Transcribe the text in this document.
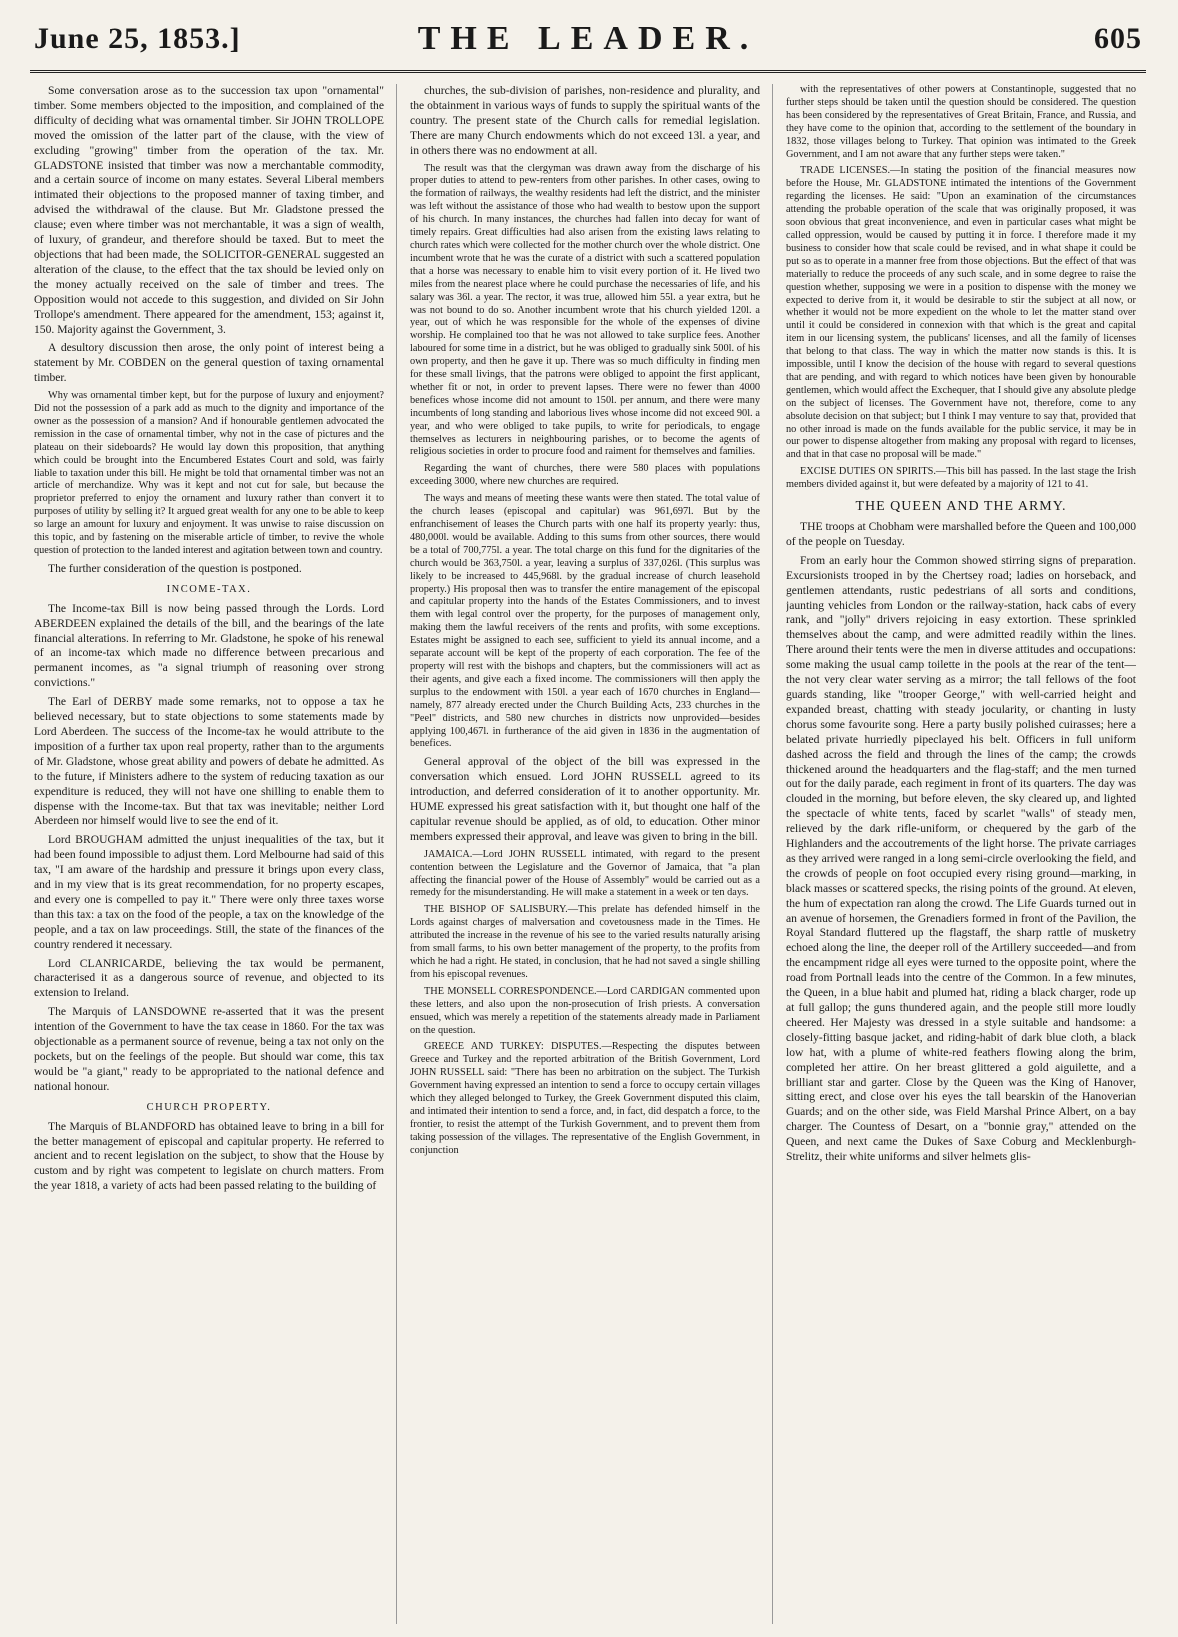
June 25, 1853.]	THE LEADER.	605

Some conversation arose as to the succession tax upon "ornamental" timber. Some members objected to the imposition, and complained of the difficulty of deciding what was ornamental timber. Sir JOHN TROLLOPE moved the omission of the latter part of the clause, with the view of excluding "growing" timber from the operation of the tax. Mr. GLADSTONE insisted that timber was now a merchantable commodity, and a certain source of income on many estates. Several Liberal members intimated their objections to the proposed manner of taxing timber, and advised the withdrawal of the clause. But Mr. Gladstone pressed the clause; even where timber was not merchantable, it was a sign of wealth, of luxury, of grandeur, and therefore should be taxed. But to meet the objections that had been made, the SOLICITOR-GENERAL suggested an alteration of the clause, to the effect that the tax should be levied only on the money actually received on the sale of timber and trees. The Opposition would not accede to this suggestion, and divided on Sir John Trollope's amendment. There appeared for the amendment, 153; against it, 150. Majority against the Government, 3.

A desultory discussion then arose, the only point of interest being a statement by Mr. COBDEN on the general question of taxing ornamental timber.

Why was ornamental timber kept, but for the purpose of luxury and enjoyment? Did not the possession of a park add as much to the dignity and importance of the owner as the possession of a mansion? And if honourable gentlemen advocated the remission in the case of ornamental timber, why not in the case of pictures and the plateau on their sideboards? He would lay down this proposition, that anything which could be brought into the Encumbered Estates Court and sold, was fairly liable to taxation under this bill. He might be told that ornamental timber was not an article of merchandize. Why was it kept and not cut for sale, but because the proprietor preferred to enjoy the ornament and luxury rather than convert it to purposes of utility by selling it? It argued great wealth for any one to be able to keep so large an amount for luxury and enjoyment. It was unwise to raise discussion on this topic, and by fastening on the miserable article of timber, to revive the whole question of protection to the landed interest and agitation between town and country.

The further consideration of the question is postponed.

INCOME-TAX.

The Income-tax Bill is now being passed through the Lords. Lord ABERDEEN explained the details of the bill, and the bearings of the late financial alterations. In referring to Mr. Gladstone, he spoke of his renewal of an income-tax which made no difference between precarious and permanent incomes, as "a signal triumph of reasoning over strong convictions."

The Earl of DERBY made some remarks, not to oppose a tax he believed necessary, but to state objections to some statements made by Lord Aberdeen. The success of the Income-tax he would attribute to the imposition of a further tax upon real property, rather than to the arguments of Mr. Gladstone, whose great ability and powers of debate he admitted. As to the future, if Ministers adhere to the system of reducing taxation as our expenditure is reduced, they will not have one shilling to enable them to dispense with the Income-tax. But that tax was inevitable; neither Lord Aberdeen nor himself would live to see the end of it.

Lord BROUGHAM admitted the unjust inequalities of the tax, but it had been found impossible to adjust them. Lord Melbourne had said of this tax, "I am aware of the hardship and pressure it brings upon every class, and in my view that is its great recommendation, for no property escapes, and every one is compelled to pay it." There were only three taxes worse than this tax: a tax on the food of the people, a tax on the knowledge of the people, and a tax on law proceedings. Still, the state of the finances of the country rendered it necessary.

Lord CLANRICARDE, believing the tax would be permanent, characterised it as a dangerous source of revenue, and objected to its extension to Ireland.

The Marquis of LANSDOWNE re-asserted that it was the present intention of the Government to have the tax cease in 1860. For the tax was objectionable as a permanent source of revenue, being a tax not only on the pockets, but on the feelings of the people. But should war come, this tax would be "a giant," ready to be appropriated to the national defence and national honour.

CHURCH PROPERTY.

The Marquis of BLANDFORD has obtained leave to bring in a bill for the better management of episcopal and capitular property. He referred to ancient and to recent legislation on the subject, to show that the House by custom and by right was competent to legislate on church matters. From the year 1818, a variety of acts had been passed relating to the building of

churches, the sub-division of parishes, non-residence and plurality, and the obtainment in various ways of funds to supply the spiritual wants of the country. The present state of the Church calls for remedial legislation. There are many Church endowments which do not exceed 13l. a year, and in others there was no endowment at all.

The result was that the clergyman was drawn away from the discharge of his proper duties to attend to pew-renters from other parishes. In other cases, owing to the formation of railways, the wealthy residents had left the district, and the minister was left without the assistance of those who had wealth to bestow upon the support of his church. In many instances, the churches had fallen into decay for want of timely repairs. Great difficulties had also arisen from the existing laws relating to church rates which were collected for the mother church over the whole district. One incumbent wrote that he was the curate of a district with such a scattered population that a horse was necessary to enable him to visit every portion of it. He lived two miles from the nearest place where he could purchase the necessaries of life, and his salary was 36l. a year. The rector, it was true, allowed him 55l. a year extra, but he was not bound to do so. Another incumbent wrote that his church yielded 120l. a year, out of which he was responsible for the whole of the expenses of divine worship. He complained too that he was not allowed to take surplice fees. Another laboured for some time in a district, but he was obliged to gradually sink 500l. of his own property, and then he gave it up. There was so much difficulty in finding men for these small livings, that the patrons were obliged to appoint the first applicant, whether fit or not, in order to prevent lapses. There were no fewer than 4000 benefices whose income did not amount to 150l. per annum, and there were many incumbents of long standing and laborious lives whose income did not exceed 90l. a year, and who were obliged to take pupils, to write for periodicals, to engage themselves as lecturers in neighbouring parishes, or to become the agents of religious societies in order to procure food and raiment for themselves and families.

Regarding the want of churches, there were 580 places with populations exceeding 3000, where new churches are required.

The ways and means of meeting these wants were then stated. The total value of the church leases (episcopal and capitular) was 961,697l. But by the enfranchisement of leases the Church parts with one half its property yearly: thus, 480,000l. would be available. Adding to this sums from other sources, there would be a total of 700,775l. a year. The total charge on this fund for the dignitaries of the church would be 363,750l. a year, leaving a surplus of 337,026l. (This surplus was likely to be increased to 445,968l. by the gradual increase of church leasehold property.) His proposal then was to transfer the entire management of the episcopal and capitular property into the hands of the Estates Commissioners, and to invest them with legal control over the property, for the purposes of management only, making them the lawful receivers of the rents and profits, with some exceptions. Estates might be assigned to each see, sufficient to yield its annual income, and a separate account will be kept of the property of each corporation. The fee of the property will rest with the bishops and chapters, but the commissioners will act as their agents, and give each a fixed income. The commissioners will then apply the surplus to the endowment with 150l. a year each of 1670 churches in England—namely, 877 already erected under the Church Building Acts, 233 churches in the "Peel" districts, and 580 new churches in districts now unprovided—besides applying 100,467l. in furtherance of the aid given in 1836 in the augmentation of benefices.

General approval of the object of the bill was expressed in the conversation which ensued. Lord JOHN RUSSELL agreed to its introduction, and deferred consideration of it to another opportunity. Mr. HUME expressed his great satisfaction with it, but thought one half of the capitular revenue should be applied, as of old, to education. Other minor members expressed their approval, and leave was given to bring in the bill.

JAMAICA.—Lord JOHN RUSSELL intimated, with regard to the present contention between the Legislature and the Governor of Jamaica, that "a plan affecting the financial power of the House of Assembly" would be carried out as a remedy for the misunderstanding. He will make a statement in a week or ten days.

THE BISHOP OF SALISBURY.—This prelate has defended himself in the Lords against charges of malversation and covetousness made in the Times. He attributed the increase in the revenue of his see to the varied results naturally arising from small farms, to his own better management of the property, to the profits from which he had a right. He stated, in conclusion, that he had not saved a single shilling from his episcopal revenues.

THE MONSELL CORRESPONDENCE.—Lord CARDIGAN commented upon these letters, and also upon the non-prosecution of Irish priests. A conversation ensued, which was merely a repetition of the statements already made in Parliament on the question.

GREECE AND TURKEY: DISPUTES.—Respecting the disputes between Greece and Turkey and the reported arbitration of the British Government, Lord JOHN RUSSELL said: "There has been no arbitration on the subject. The Turkish Government having expressed an intention to send a force to occupy certain villages which they alleged belonged to Turkey, the Greek Government disputed this claim, and intimated their intention to send a force, and, in fact, did despatch a force, to the frontier, to resist the attempt of the Turkish Government, and to prevent them from taking possession of the villages. The representative of the English Government, in conjunction

with the representatives of other powers at Constantinople, suggested that no further steps should be taken until the question should be considered. The question has been considered by the representatives of Great Britain, France, and Russia, and they have come to the opinion that, according to the settlement of the boundary in 1832, those villages belong to Turkey. That opinion was intimated to the Greek Government, and I am not aware that any further steps were taken."

TRADE LICENSES.—In stating the position of the financial measures now before the House, Mr. GLADSTONE intimated the intentions of the Government regarding the licenses. He said: "Upon an examination of the circumstances attending the probable operation of the scale that was originally proposed, it was soon obvious that great inconvenience, and even in particular cases what might be called oppression, would be caused by putting it in force. I therefore made it my business to consider how that scale could be revised, and in what shape it could be put so as to operate in a manner free from those objections. But the effect of that was materially to reduce the proceeds of any such scale, and in some degree to raise the question whether, supposing we were in a position to dispense with the money we expected to derive from it, it would be desirable to stir the subject at all now, or whether it would not be more expedient on the whole to let the matter stand over until it could be considered in connexion with that which is the great and capital item in our licensing system, the publicans' licenses, and all the family of licenses that belong to that class. The way in which the matter now stands is this. It is impossible, until I know the decision of the house with regard to several questions that are pending, and with regard to which notices have been given by honourable gentlemen, which would affect the Exchequer, that I should give any absolute pledge on the subject of licenses. The Government have not, therefore, come to any absolute decision on that subject; but I think I may venture to say that, provided that no other inroad is made on the funds available for the public service, it may be in our power to dispense altogether from making any proposal with regard to licenses, and that in that case no proposal will be made."

EXCISE DUTIES ON SPIRITS.—This bill has passed. In the last stage the Irish members divided against it, but were defeated by a majority of 121 to 41.

THE QUEEN AND THE ARMY.

THE troops at Chobham were marshalled before the Queen and 100,000 of the people on Tuesday.

From an early hour the Common showed stirring signs of preparation. Excursionists trooped in by the Chertsey road; ladies on horseback, and gentlemen attendants, rustic pedestrians of all sorts and conditions, jaunting vehicles from London or the railway-station, hack cabs of every rank, and "jolly" drivers rejoicing in easy extortion. These sprinkled themselves about the camp, and were admitted readily within the lines. There around their tents were the men in diverse attitudes and occupations: some making the usual camp toilette in the pools at the rear of the tent—the not very clear water serving as a mirror; the tall fellows of the foot guards standing, like "trooper George," with well-carried height and expanded breast, chatting with steady jocularity, or chanting in lusty chorus some favourite song. Here a party busily polished cuirasses; here a belated private hurriedly pipeclayed his belt. Officers in full uniform dashed across the field and through the lines of the camp; the crowds thickened around the headquarters and the flag-staff; and the men turned out for the daily parade, each regiment in front of its quarters. The day was clouded in the morning, but before eleven, the sky cleared up, and lighted the spectacle of white tents, faced by scarlet "walls" of steady men, relieved by the dark rifle-uniform, or chequered by the garb of the Highlanders and the accoutrements of the light horse. The private carriages as they arrived were ranged in a long semi-circle overlooking the field, and the crowds of people on foot occupied every rising ground—marking, in black masses or scattered specks, the rising points of the ground. At eleven, the hum of expectation ran along the crowd. The Life Guards turned out in an avenue of horsemen, the Grenadiers formed in front of the Pavilion, the Royal Standard fluttered up the flagstaff, the sharp rattle of musketry echoed along the line, the deeper roll of the Artillery succeeded—and from the encampment ridge all eyes were turned to the opposite point, where the road from Portnall leads into the centre of the Common. In a few minutes, the Queen, in a blue habit and plumed hat, riding a black charger, rode up at full gallop; the guns thundered again, and the people still more loudly cheered. Her Majesty was dressed in a style suitable and handsome: a closely-fitting basque jacket, and riding-habit of dark blue cloth, a black low hat, with a plume of white-red feathers flowing along the brim, completed her attire. On her breast glittered a gold aiguilette, and a brilliant star and garter. Close by the Queen was the King of Hanover, sitting erect, and close over his eyes the tall bearskin of the Hanoverian Guards; and on the other side, was Field Marshal Prince Albert, on a bay charger. The Countess of Desart, on a "bonnie gray," attended on the Queen, and next came the Dukes of Saxe Coburg and Mecklenburgh-Strelitz, their white uniforms and silver helmets glis-
